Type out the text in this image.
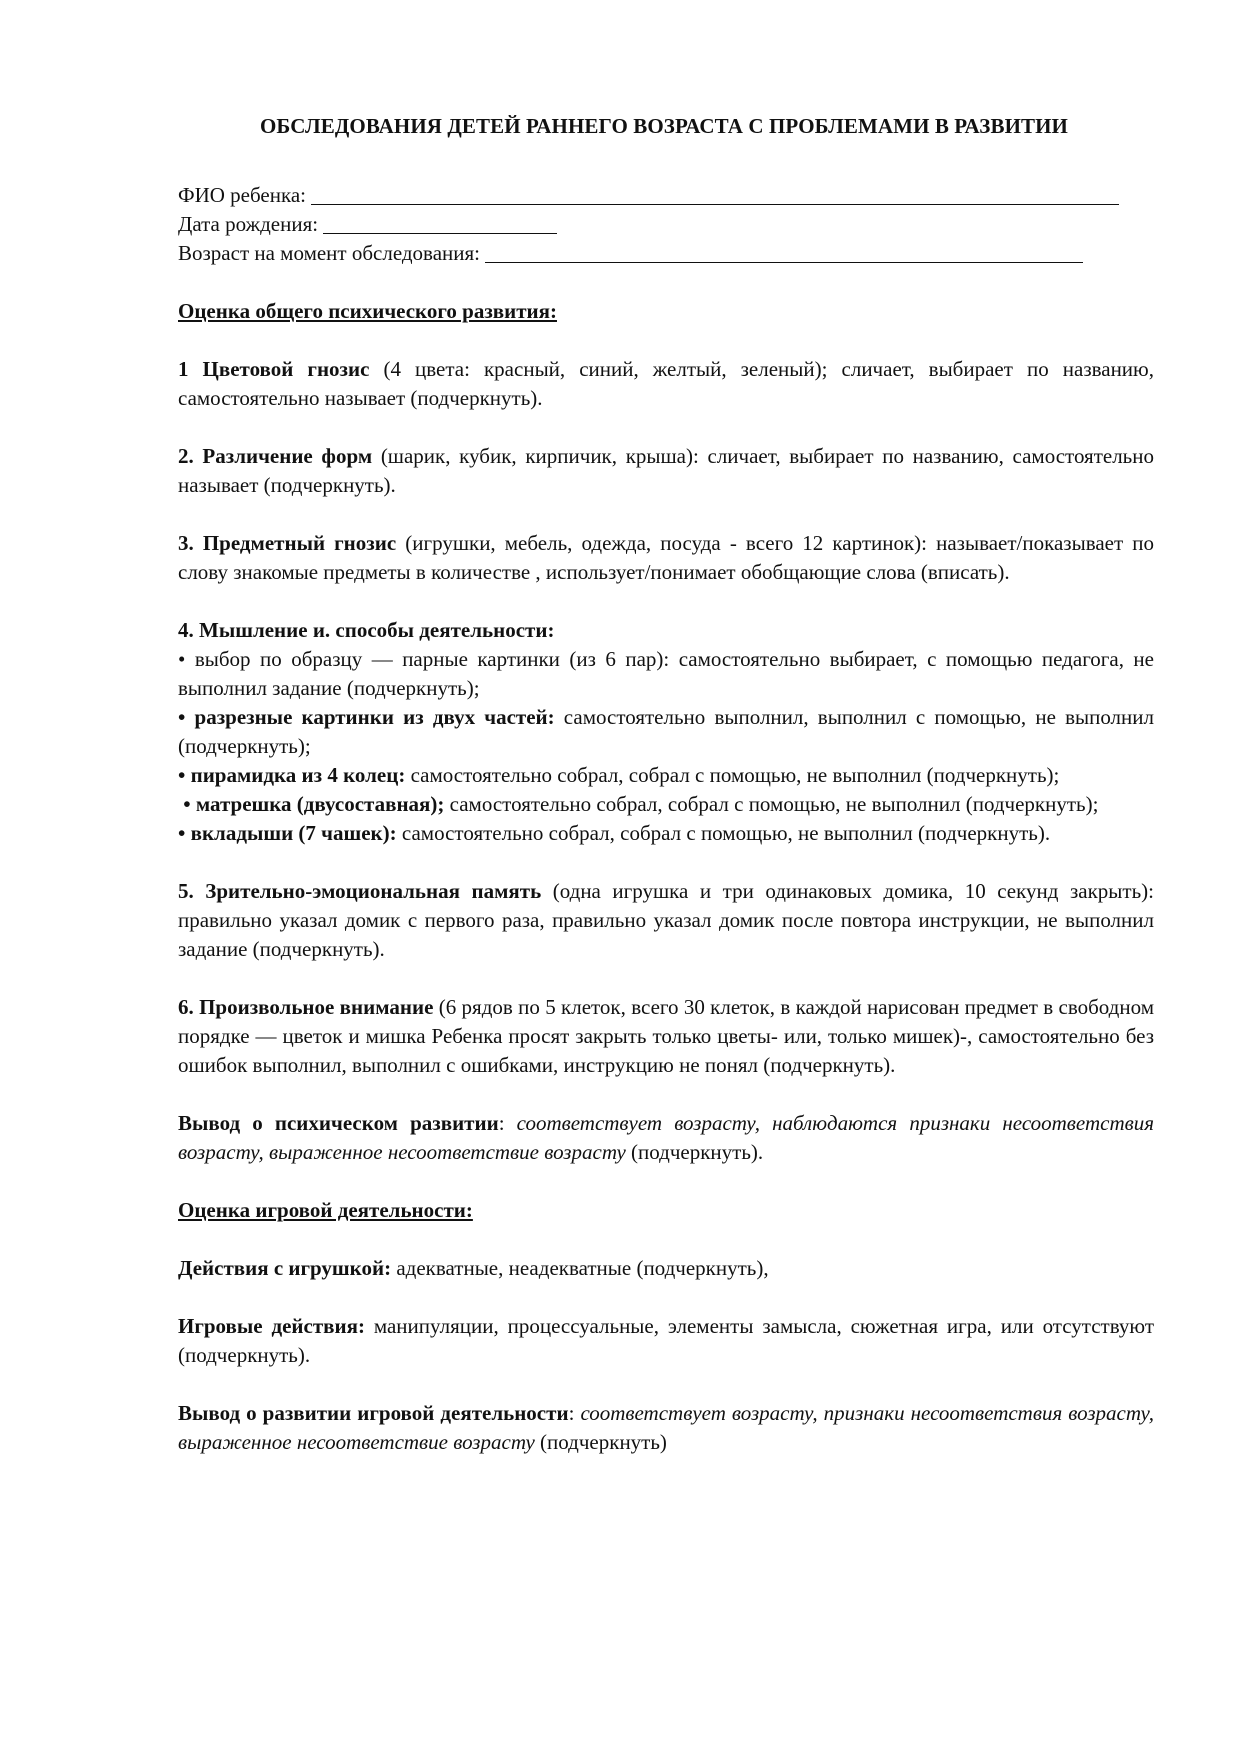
ОБСЛЕДОВАНИЯ ДЕТЕЙ РАННЕГО ВОЗРАСТА С ПРОБЛЕМАМИ В РАЗВИТИИ

ФИО ребенка:

Дата рождения:

Возраст на момент обследования:

Оценка общего психического развития:

1 Цветовой гнозис (4 цвета: красный, синий, желтый, зеленый); сличает, выбирает по названию, самостоятельно называет (подчеркнуть).

2. Различение форм (шарик, кубик, кирпичик, крыша): сличает, выбирает по названию, самостоятельно называет (подчеркнуть).

3. Предметный гнозис (игрушки, мебель, одежда, посуда - всего 12 картинок): называет/показывает по слову знакомые предметы в количестве , использует/понимает обобщающие слова (вписать).

4. Мышление и. способы деятельности:

• выбор по образцу — парные картинки (из 6 пар): самостоятельно выбирает, с помощью педагога, не выполнил задание (подчеркнуть);

• разрезные картинки из двух частей: самостоятельно выполнил, выполнил с помощью, не выполнил (подчеркнуть);

• пирамидка из 4 колец: самостоятельно собрал, собрал с помощью, не выполнил (подчеркнуть);

• матрешка (двусоставная); самостоятельно собрал, собрал с помощью, не выполнил (подчеркнуть);

• вкладыши (7 чашек): самостоятельно собрал, собрал с помощью, не выполнил (подчеркнуть).

5. Зрительно-эмоциональная память (одна игрушка и три одинаковых домика, 10 секунд закрыть): правильно указал домик с первого раза, правильно указал домик после повтора инструкции, не выполнил задание (подчеркнуть).

6. Произвольное внимание (6 рядов по 5 клеток, всего 30 клеток, в каждой нарисован предмет в свободном порядке — цветок и мишка Ребенка просят закрыть только цветы- или, только мишек)-, самостоятельно без ошибок выполнил, выполнил с ошибками, инструкцию не понял (подчеркнуть).

Вывод о психическом развитии: соответствует возрасту, наблюдаются признаки несоответствия возрасту, выраженное несоответствие возрасту (подчеркнуть).

Оценка игровой деятельности:

Действия с игрушкой: адекватные, неадекватные (подчеркнуть),

Игровые действия: манипуляции, процессуальные, элементы замысла, сюжетная игра, или отсутствуют (подчеркнуть).

Вывод о развитии игровой деятельности: соответствует возрасту, признаки несоответствия возрасту, выраженное несоответствие возрасту (подчеркнуть)
